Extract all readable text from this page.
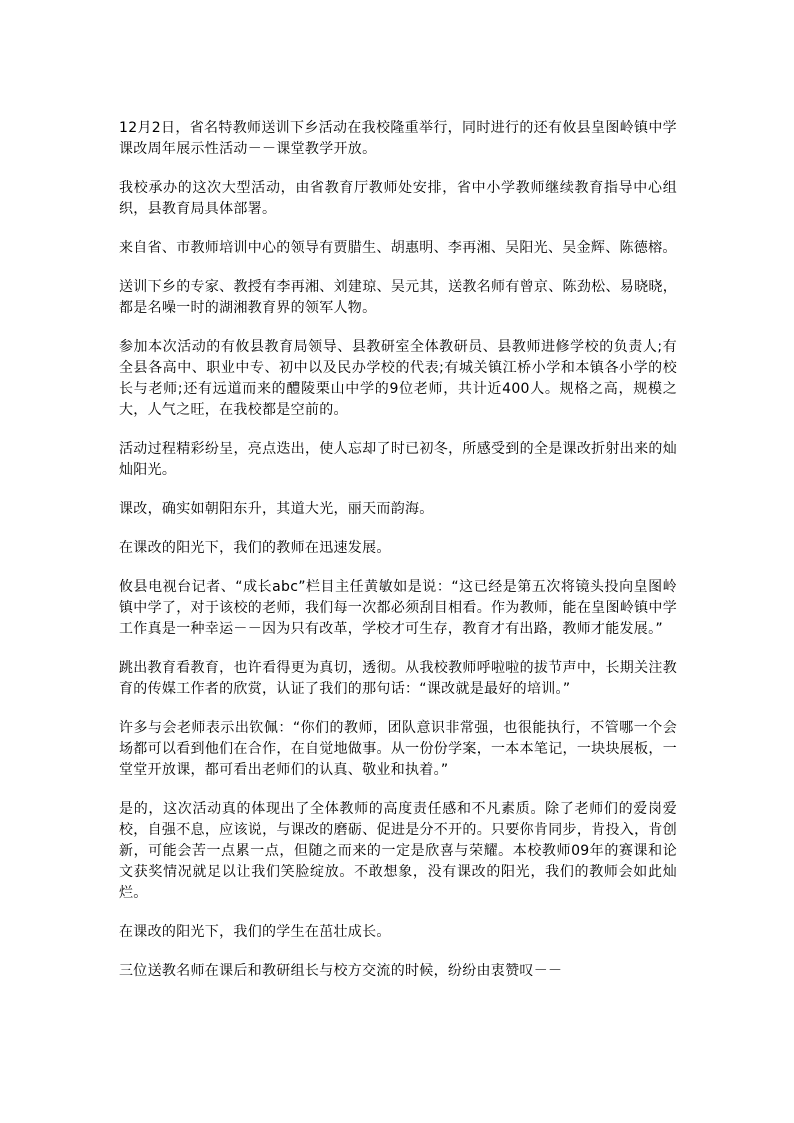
12月2日，省名特教师送训下乡活动在我校隆重举行，同时进行的还有攸县皇图岭镇中学课改周年展示性活动－－课堂教学开放。

我校承办的这次大型活动，由省教育厅教师处安排，省中小学教师继续教育指导中心组织，县教育局具体部署。

来自省、市教师培训中心的领导有贾腊生、胡惠明、李再湘、吴阳光、吴金辉、陈德榕。

送训下乡的专家、教授有李再湘、刘建琼、吴元其，送教名师有曾京、陈劲松、易晓晓，都是名噪一时的湖湘教育界的领军人物。

参加本次活动的有攸县教育局领导、县教研室全体教研员、县教师进修学校的负责人;有全县各高中、职业中专、初中以及民办学校的代表;有城关镇江桥小学和本镇各小学的校长与老师;还有远道而来的醴陵栗山中学的9位老师，共计近400人。规格之高，规模之大，人气之旺，在我校都是空前的。

活动过程精彩纷呈，亮点迭出，使人忘却了时已初冬，所感受到的全是课改折射出来的灿灿阳光。

课改，确实如朝阳东升，其道大光，丽天而韵海。

在课改的阳光下，我们的教师在迅速发展。

攸县电视台记者、“成长abc”栏目主任黄敏如是说：“这已经是第五次将镜头投向皇图岭镇中学了，对于该校的老师，我们每一次都必须刮目相看。作为教师，能在皇图岭镇中学工作真是一种幸运－－因为只有改革，学校才可生存，教育才有出路，教师才能发展。”

跳出教育看教育，也许看得更为真切，透彻。从我校教师呼啦啦的拔节声中，长期关注教育的传媒工作者的欣赏，认证了我们的那句话：“课改就是最好的培训。”

许多与会老师表示出钦佩：“你们的教师，团队意识非常强，也很能执行，不管哪一个会场都可以看到他们在合作，在自觉地做事。从一份份学案，一本本笔记，一块块展板，一堂堂开放课，都可看出老师们的认真、敬业和执着。”

是的，这次活动真的体现出了全体教师的高度责任感和不凡素质。除了老师们的爱岗爱校，自强不息，应该说，与课改的磨砺、促进是分不开的。只要你肯同步，肯投入，肯创新，可能会苦一点累一点，但随之而来的一定是欣喜与荣耀。本校教师09年的赛课和论文获奖情况就足以让我们笑脸绽放。不敢想象，没有课改的阳光，我们的教师会如此灿烂。

在课改的阳光下，我们的学生在茁壮成长。

三位送教名师在课后和教研组长与校方交流的时候，纷纷由衷赞叹－－
